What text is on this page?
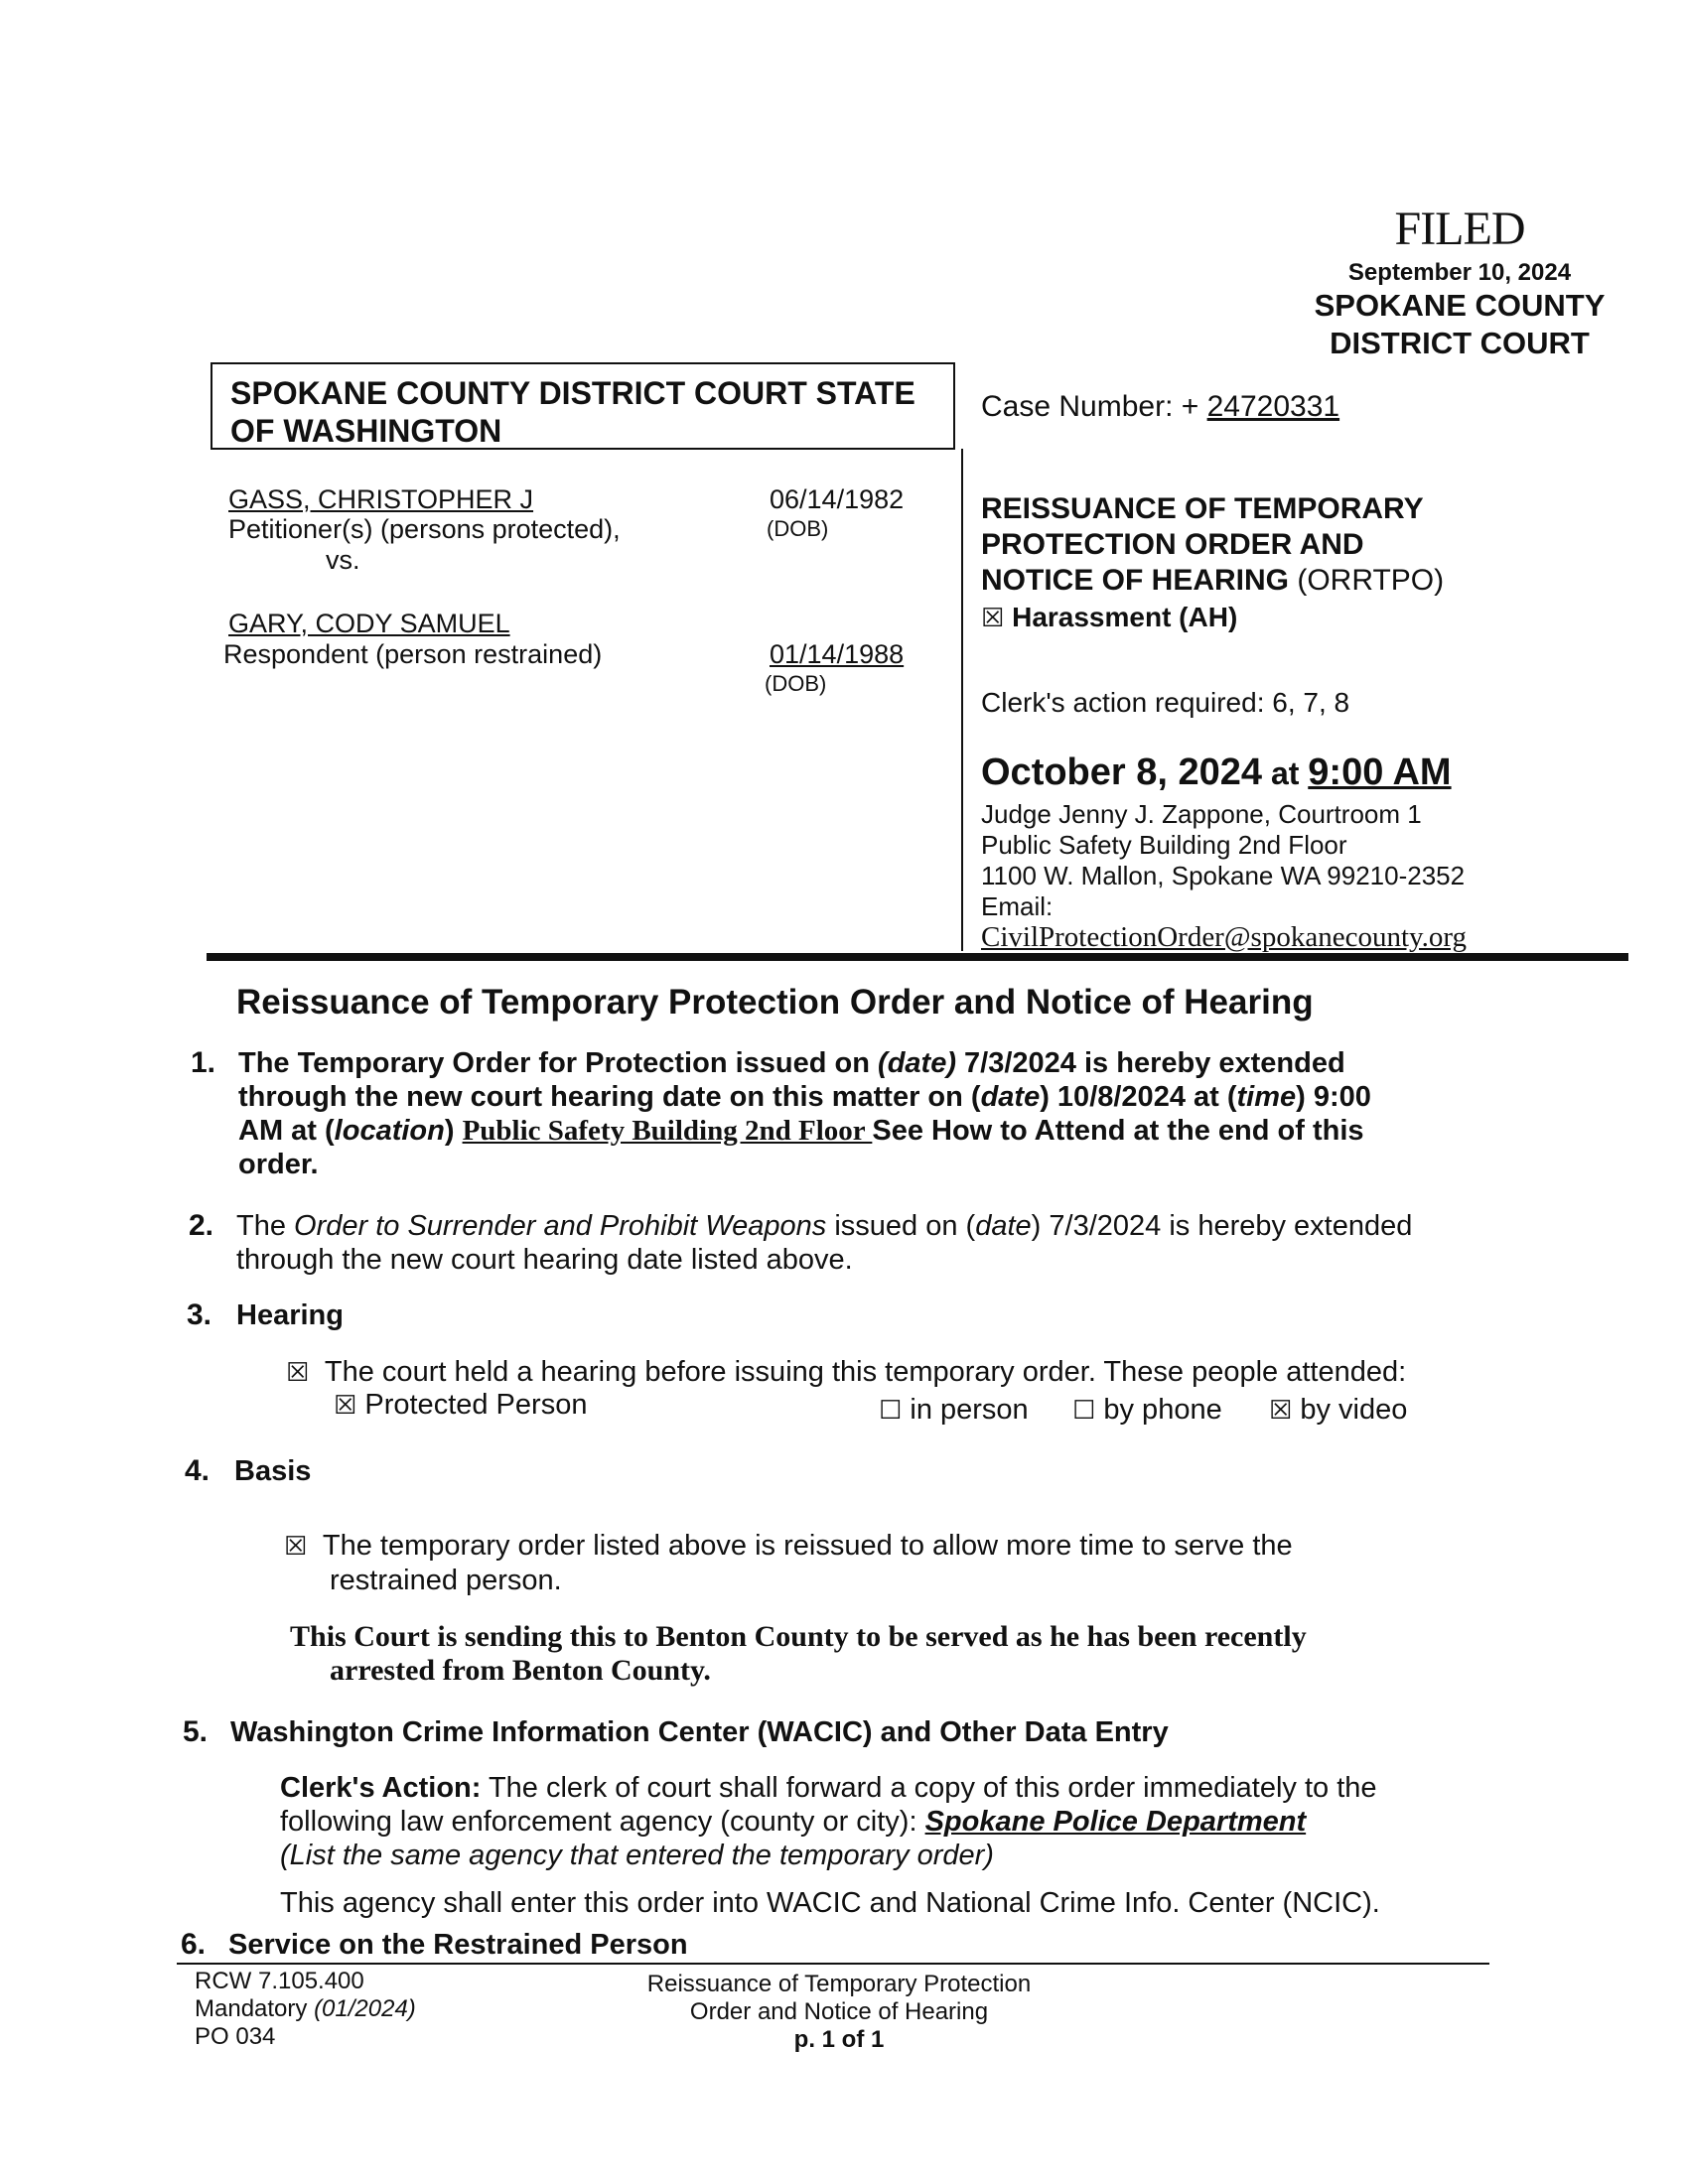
FILED
September 10, 2024
SPOKANE COUNTY
DISTRICT COURT
SPOKANE COUNTY DISTRICT COURT STATE
OF WASHINGTON
Case Number: + 24720331
GASS, CHRISTOPHER J
Petitioner(s) (persons protected),
vs.
06/14/1982
(DOB)
GARY, CODY SAMUEL
Respondent (person restrained)	01/14/1988
(DOB)
REISSUANCE OF TEMPORARY
PROTECTION ORDER AND
NOTICE OF HEARING (ORRTPO)
☒ Harassment (AH)
Clerk's action required: 6, 7, 8
October 8, 2024 at 9:00 AM
Judge Jenny J. Zappone, Courtroom 1
Public Safety Building 2nd Floor
1100 W. Mallon, Spokane WA 99210-2352
Email:
CivilProtectionOrder@spokanecounty.org
Reissuance of Temporary Protection Order and Notice of Hearing
1. The Temporary Order for Protection issued on (date) 7/3/2024 is hereby extended
through the new court hearing date on this matter on (date) 10/8/2024 at (time) 9:00
AM at (location) Public Safety Building 2nd Floor See How to Attend at the end of this
order.
2. The Order to Surrender and Prohibit Weapons issued on (date) 7/3/2024 is hereby extended
through the new court hearing date listed above.
3. Hearing
☒ The court held a hearing before issuing this temporary order. These people attended:
☒ Protected Person	☐ in person ☐ by phone ☒ by video
4. Basis
☒ The temporary order listed above is reissued to allow more time to serve the
restrained person.
This Court is sending this to Benton County to be served as he has been recently
arrested from Benton County.
5. Washington Crime Information Center (WACIC) and Other Data Entry
Clerk's Action: The clerk of court shall forward a copy of this order immediately to the
following law enforcement agency (county or city): Spokane Police Department
(List the same agency that entered the temporary order)
This agency shall enter this order into WACIC and National Crime Info. Center (NCIC).
6. Service on the Restrained Person
RCW 7.105.400
Mandatory (01/2024)
PO 034
Reissuance of Temporary Protection
Order and Notice of Hearing
p. 1 of 1
